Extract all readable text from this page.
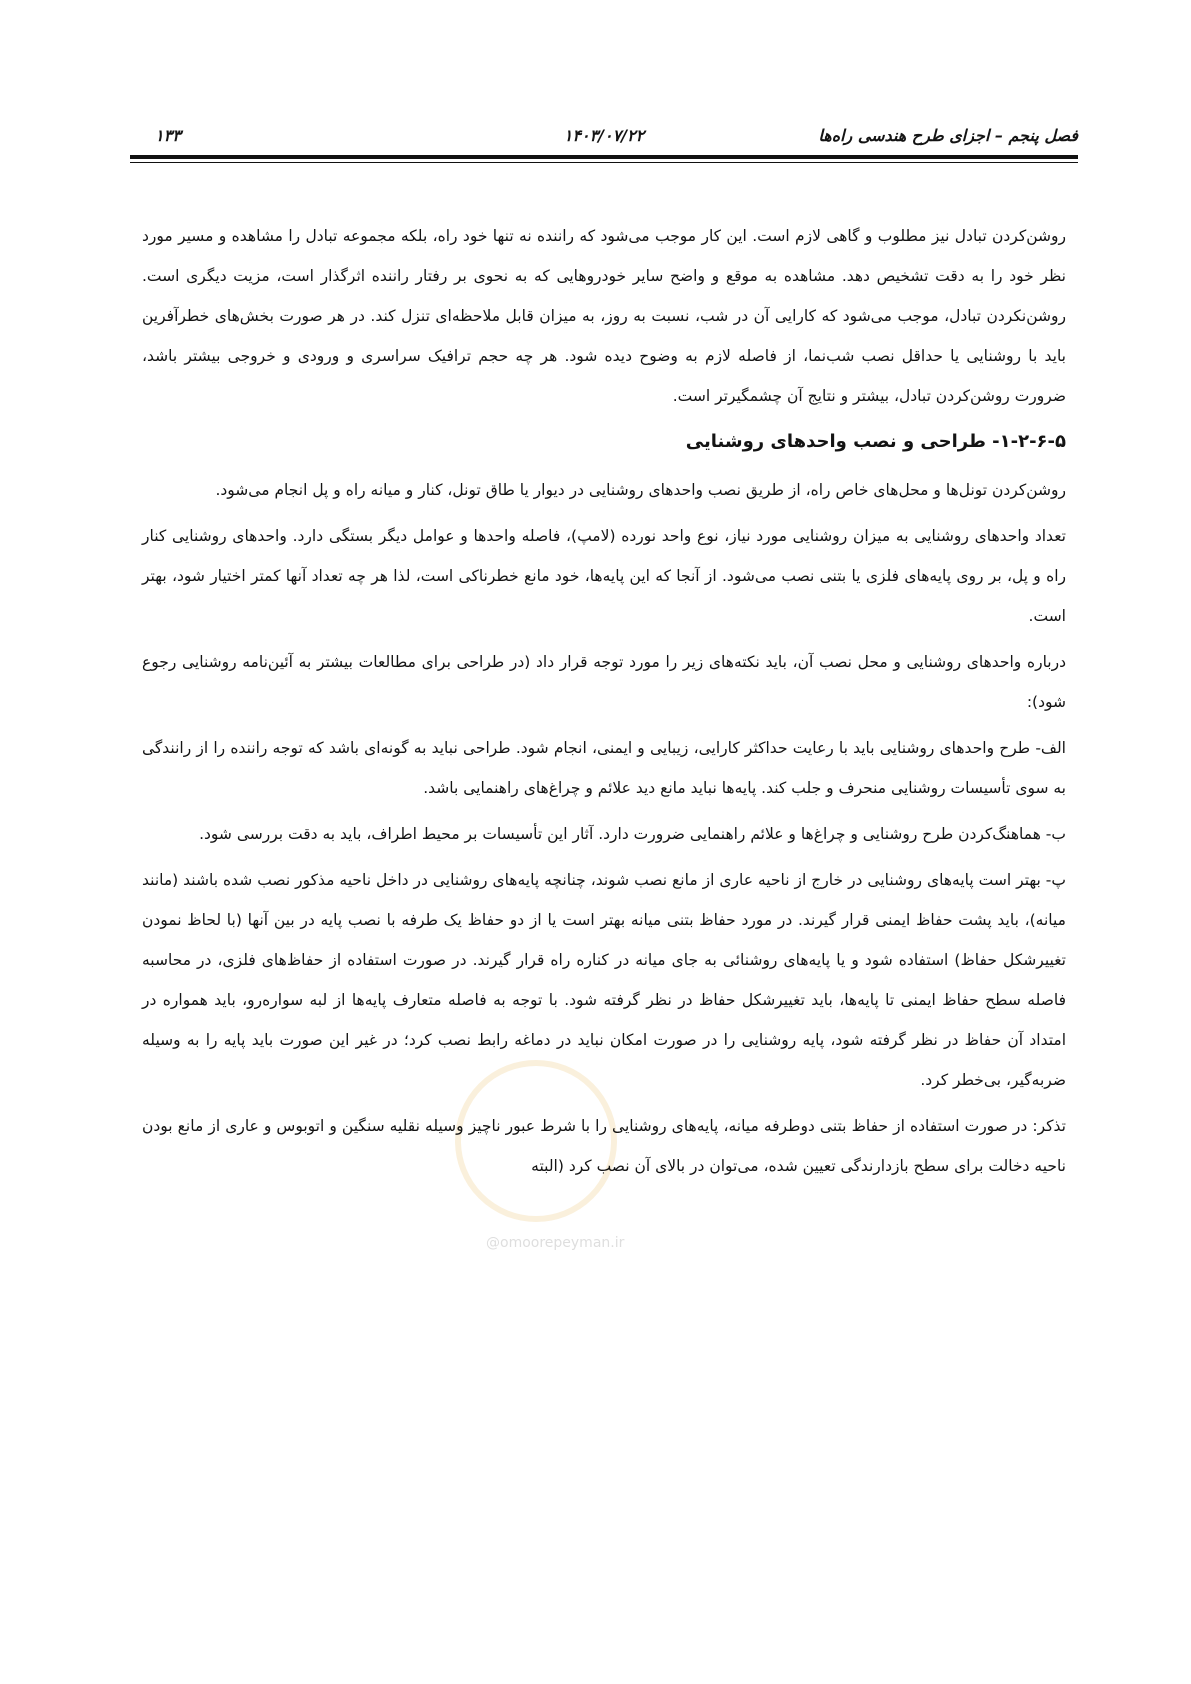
فصل پنجم – اجزای طرح هندسی راه‌ها
۱۴۰۳/۰۷/۲۲
۱۳۳
@omoorepeyman.ir

روشن‌کردن تبادل نیز مطلوب و گاهی لازم است. این کار موجب می‌شود که راننده نه تنها خود راه، بلکه مجموعه تبادل را مشاهده و مسیر مورد نظر خود را به دقت تشخیص دهد. مشاهده به موقع و واضح سایر خودروهایی که به نحوی بر رفتار راننده اثرگذار است، مزیت دیگری است. روشن‌نکردن تبادل، موجب می‌شود که کارایی آن در شب، نسبت به روز، به میزان قابل ملاحظه‌ای تنزل کند. در هر صورت بخش‌های خطرآفرین باید با روشنایی یا حداقل نصب شب‌نما، از فاصله لازم به وضوح دیده شود. هر چه حجم ترافیک سراسری و ورودی و خروجی بیشتر باشد، ضرورت روشن‌کردن تبادل، بیشتر و نتایج آن چشمگیرتر است.

۱-۲-۶-۵- طراحی و نصب واحدهای روشنایی

روشن‌کردن تونل‌ها و محل‌های خاص راه، از طریق نصب واحدهای روشنایی در دیوار یا طاق تونل، کنار و میانه راه و پل انجام می‌شود.

تعداد واحدهای روشنایی به میزان روشنایی مورد نیاز، نوع واحد نورده (لامپ)، فاصله واحدها و عوامل دیگر بستگی دارد. واحدهای روشنایی کنار راه و پل، بر روی پایه‌های فلزی یا بتنی نصب می‌شود. از آنجا که این پایه‌ها، خود مانع خطرناکی است، لذا هر چه تعداد آنها کمتر اختیار شود، بهتر است.

درباره واحدهای روشنایی و محل نصب آن، باید نکته‌های زیر را مورد توجه قرار داد (در طراحی برای مطالعات بیشتر به آئین‌نامه روشنایی رجوع شود):

الف- طرح واحدهای روشنایی باید با رعایت حداکثر کارایی، زیبایی و ایمنی، انجام شود. طراحی نباید به گونه‌ای باشد که توجه راننده را از رانندگی به سوی تأسیسات روشنایی منحرف و جلب کند. پایه‌ها نباید مانع دید علائم و چراغ‌های راهنمایی باشد.

ب- هماهنگ‌کردن طرح روشنایی و چراغ‌ها و علائم راهنمایی ضرورت دارد. آثار این تأسیسات بر محیط اطراف، باید به دقت بررسی شود.

پ- بهتر است پایه‌های روشنایی در خارج از ناحیه عاری از مانع نصب شوند، چنانچه پایه‌های روشنایی در داخل ناحیه مذکور نصب شده باشند (مانند میانه)، باید پشت حفاظ ایمنی قرار گیرند. در مورد حفاظ بتنی میانه بهتر است یا از دو حفاظ یک طرفه با نصب پایه در بین آنها (با لحاظ نمودن تغییرشکل حفاظ) استفاده شود و یا پایه‌های روشنائی به جای میانه در کناره راه قرار گیرند. در صورت استفاده از حفاظ‌های فلزی، در محاسبه فاصله سطح حفاظ ایمنی تا پایه‌ها، باید تغییرشکل حفاظ در نظر گرفته شود. با توجه به فاصله متعارف پایه‌ها از لبه سواره‌رو، باید همواره در امتداد آن حفاظ در نظر گرفته شود، پایه روشنایی را در صورت امکان نباید در دماغه رابط نصب کرد؛ در غیر این صورت باید پایه را به وسیله ضربه‌گیر، بی‌خطر کرد.

تذکر: در صورت استفاده از حفاظ بتنی دوطرفه میانه، پایه‌های روشنایی را با شرط عبور ناچیز وسیله نقلیه سنگین و اتوبوس و عاری از مانع بودن ناحیه دخالت برای سطح بازدارندگی تعیین شده، می‌توان در بالای آن نصب کرد (البته
